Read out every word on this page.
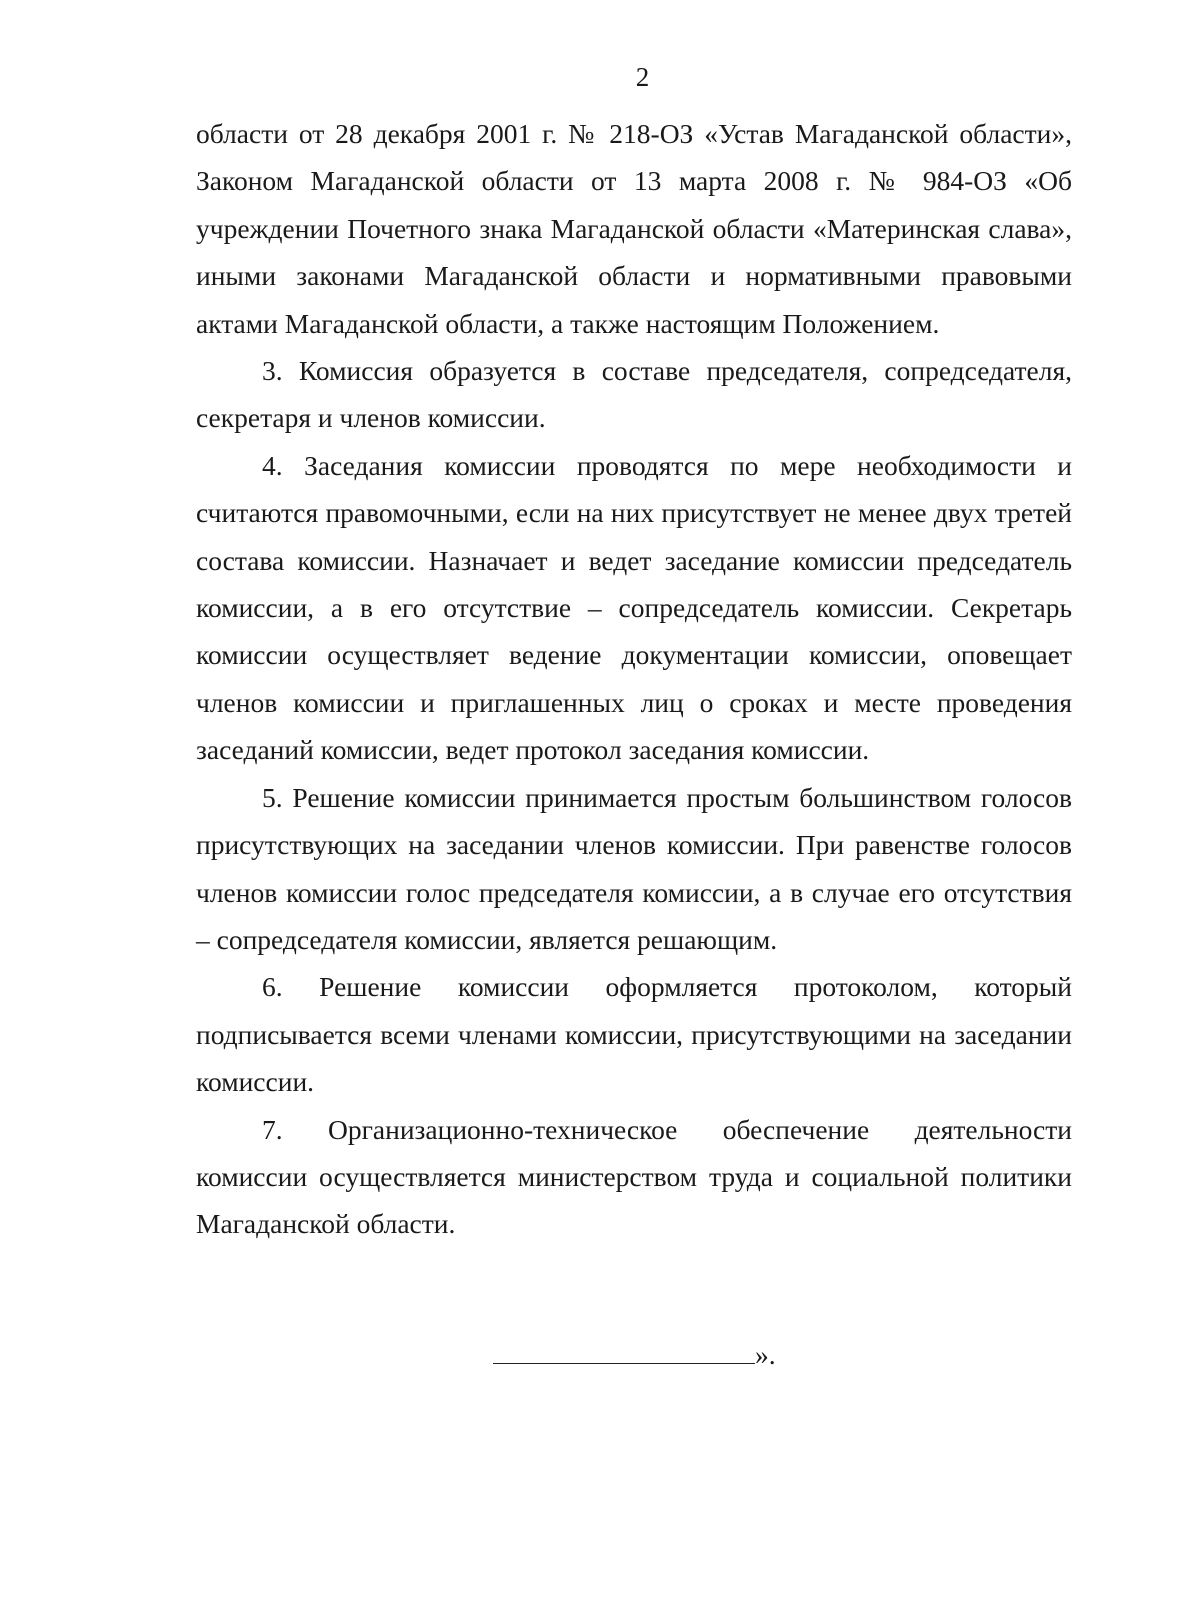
2

области от 28 декабря 2001 г. № 218-ОЗ «Устав Магаданской области», Законом Магаданской области от 13 марта 2008 г. № 984-ОЗ «Об учреждении Почетного знака Магаданской области «Материнская слава», иными законами Магаданской области и нормативными правовыми актами Магаданской области, а также настоящим Положением.

3. Комиссия образуется в составе председателя, сопредседателя, секретаря и членов комиссии.

4. Заседания комиссии проводятся по мере необходимости и считаются правомочными, если на них присутствует не менее двух третей состава комиссии. Назначает и ведет заседание комиссии председатель комиссии, а в его отсутствие – сопредседатель комиссии. Секретарь комиссии осуществляет ведение документации комиссии, оповещает членов комиссии и приглашенных лиц о сроках и месте проведения заседаний комиссии, ведет протокол заседания комиссии.

5. Решение комиссии принимается простым большинством голосов присутствующих на заседании членов комиссии. При равенстве голосов членов комиссии голос председателя комиссии, а в случае его отсутствия – сопредседателя комиссии, является решающим.

6. Решение комиссии оформляется протоколом, который подписывается всеми членами комиссии, присутствующими на заседании комиссии.

7. Организационно-техническое обеспечение деятельности комиссии осуществляется министерством труда и социальной политики Магаданской области.

».
